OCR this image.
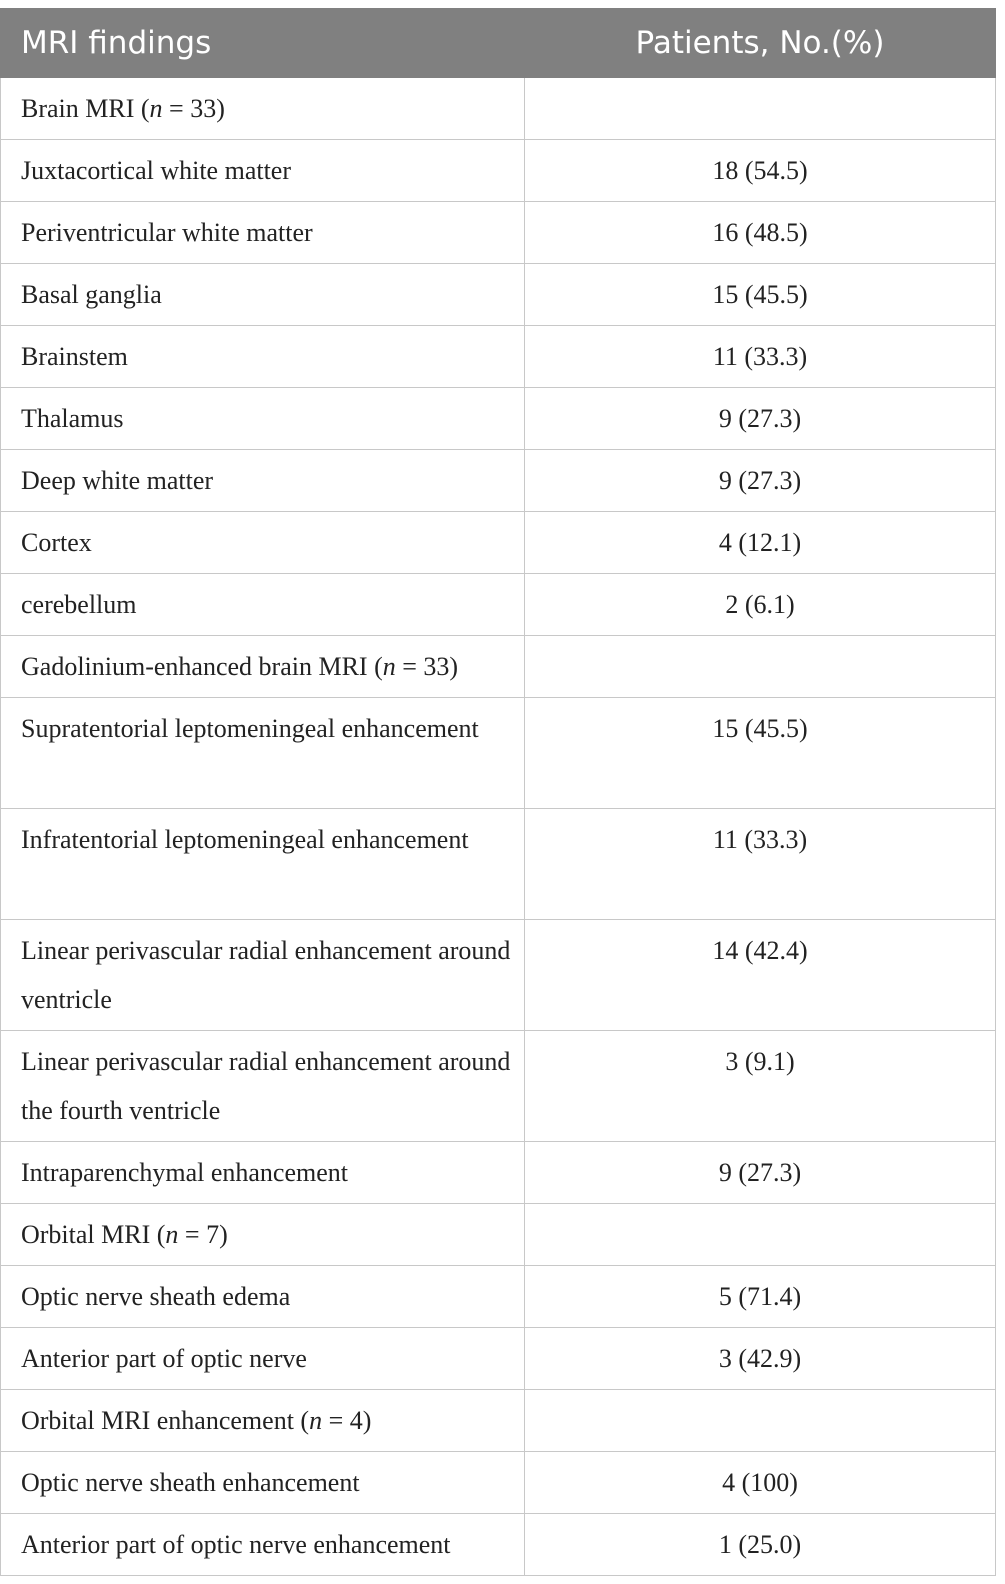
MRI findings	Patients, No.(%)
Brain MRI (n = 33)	
Juxtacortical white matter	18 (54.5)
Periventricular white matter	16 (48.5)
Basal ganglia	15 (45.5)
Brainstem	11 (33.3)
Thalamus	9 (27.3)
Deep white matter	9 (27.3)
Cortex	4 (12.1)
cerebellum	2 (6.1)
Gadolinium-enhanced brain MRI (n = 33)	
Supratentorial leptomeningeal enhancement	15 (45.5)
Infratentorial leptomeningeal enhancement	11 (33.3)
Linear perivascular radial enhancement around ventricle	14 (42.4)
Linear perivascular radial enhancement around the fourth ventricle	3 (9.1)
Intraparenchymal enhancement	9 (27.3)
Orbital MRI (n = 7)	
Optic nerve sheath edema	5 (71.4)
Anterior part of optic nerve	3 (42.9)
Orbital MRI enhancement (n = 4)	
Optic nerve sheath enhancement	4 (100)
Anterior part of optic nerve enhancement	1 (25.0)
